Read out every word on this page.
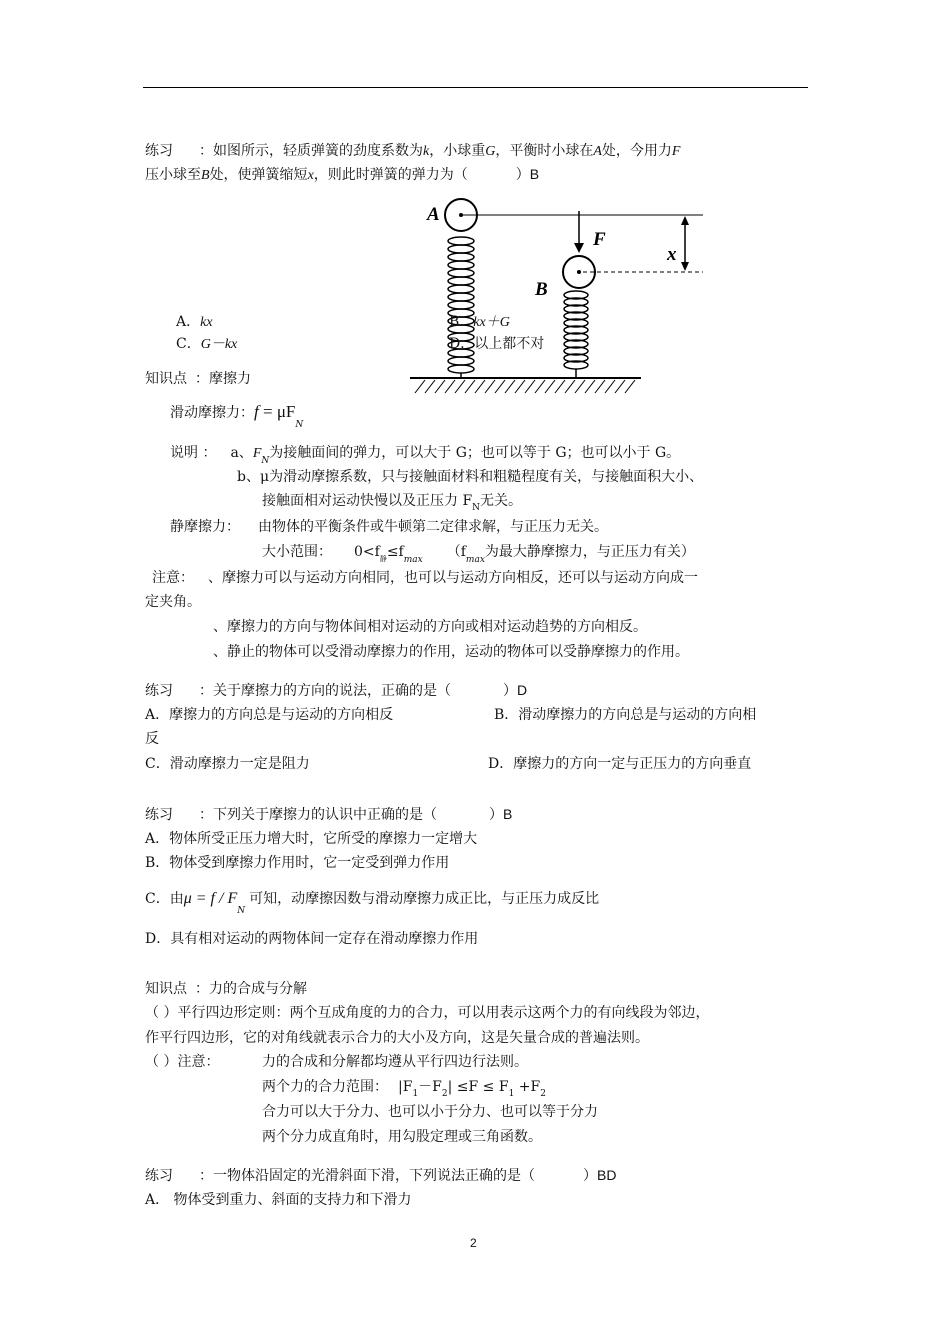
练习 ：如图所示，轻质弹簧的劲度系数为k，小球重G，平衡时小球在A处，今用力F
压小球至B处，使弹簧缩短x，则此时弹簧的弹力为（	）B
A
F
x
B
A．kx	B．kx＋G
C．G－kx	D．以上都不对
知识点 ：摩擦力
滑动摩擦力：$f = \mu F_N$
说明 ： a、$F_N$为接触面间的弹力，可以大于 G；也可以等于 G；也可以小于 G。
b、μ为滑动摩擦系数，只与接触面材料和粗糙程度有关，与接触面积大小、
接触面相对运动快慢以及正压力 $F_N$无关。
静摩擦力： 由物体的平衡条件或牛顿第二定律求解，与正压力无关。
大小范围： $0<f_静\le f_{max}$ （$f_{max}$为最大静摩擦力，与正压力有关）
注意： 、摩擦力可以与运动方向相同，也可以与运动方向相反，还可以与运动方向成一
定夹角。
、摩擦力的方向与物体间相对运动的方向或相对运动趋势的方向相反。
、静止的物体可以受滑动摩擦力的作用，运动的物体可以受静摩擦力的作用。
练习 ：关于摩擦力的方向的说法，正确的是（	）D
A．摩擦力的方向总是与运动的方向相反	B．滑动摩擦力的方向总是与运动的方向相
反
C．滑动摩擦力一定是阻力	D．摩擦力的方向一定与正压力的方向垂直
练习 ：下列关于摩擦力的认识中正确的是（	）B
A．物体所受正压力增大时，它所受的摩擦力一定增大
B．物体受到摩擦力作用时，它一定受到弹力作用
C．由$\mu = f / F_N$可知，动摩擦因数与滑动摩擦力成正比，与正压力成反比
D．具有相对运动的两物体间一定存在滑动摩擦力作用
知识点 ：力的合成与分解
（ ）平行四边形定则：两个互成角度的力的合力，可以用表示这两个力的有向线段为邻边，
作平行四边形，它的对角线就表示合力的大小及方向，这是矢量合成的普遍法则。
（ ）注意：	力的合成和分解都均遵从平行四边行法则。
两个力的合力范围： $|F_1-F_2| \le F \le F_1 +F_2$
合力可以大于分力、也可以小于分力、也可以等于分力
两个分力成直角时，用勾股定理或三角函数。
练习 ：一物体沿固定的光滑斜面下滑，下列说法正确的是（	）BD
A． 物体受到重力、斜面的支持力和下滑力
2
